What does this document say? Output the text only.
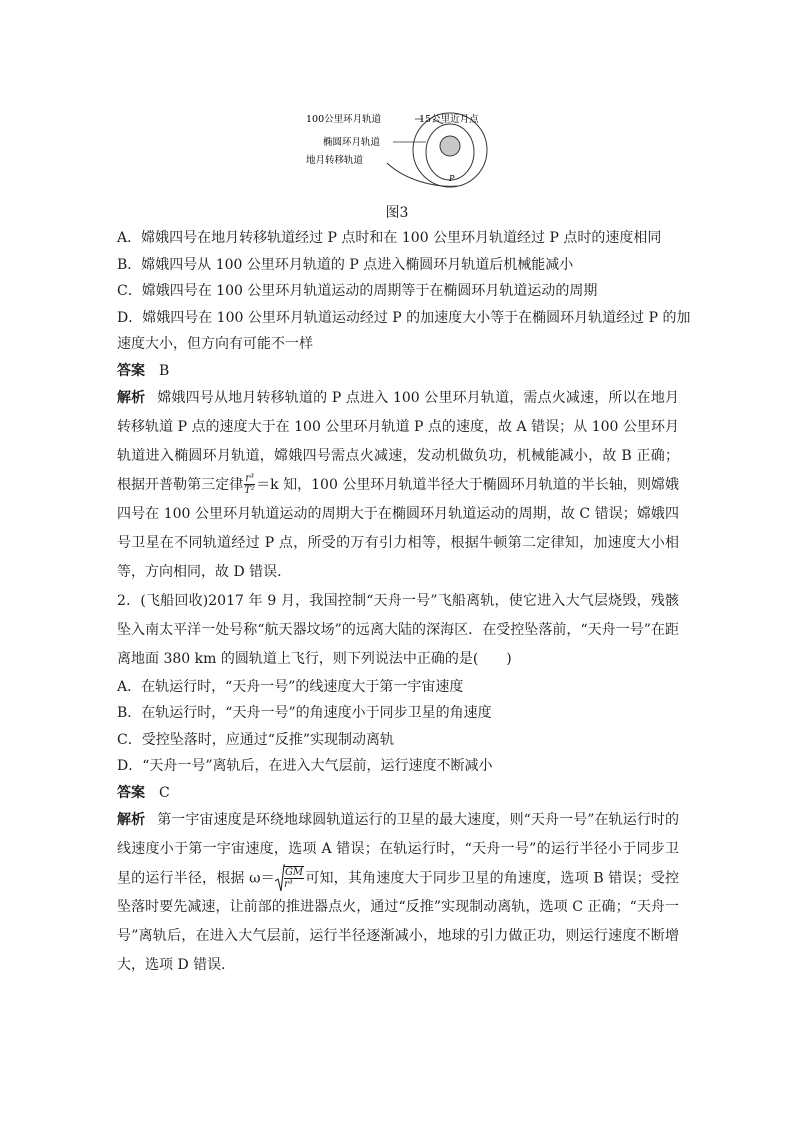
100公里环月轨道	15公里近月点
椭圆环月轨道
地月转移轨道
P
图3
A．嫦娥四号在地月转移轨道经过 P 点时和在 100 公里环月轨道经过 P 点时的速度相同
B．嫦娥四号从 100 公里环月轨道的 P 点进入椭圆环月轨道后机械能减小
C．嫦娥四号在 100 公里环月轨道运动的周期等于在椭圆环月轨道运动的周期
D．嫦娥四号在 100 公里环月轨道运动经过 P 的加速度大小等于在椭圆环月轨道经过 P 的加
速度大小，但方向有可能不一样
答案 B
解析 嫦娥四号从地月转移轨道的 P 点进入 100 公里环月轨道，需点火减速，所以在地月转移轨道 P 点的速度大于在 100 公里环月轨道 P 点的速度，故 A 错误；从 100 公里环月轨道进入椭圆环月轨道，嫦娥四号需点火减速，发动机做负功，机械能减小，故 B 正确；根据开普勒第三定律 $\frac{\text{r³}}{\text{T²}} =k$ 知，100 公里环月轨道半径大于椭圆环月轨道的半长轴，则嫦娥四号在 100 公里环月轨道运动的周期大于在椭圆环月轨道运动的周期，故 C 错误；嫦娥四号卫星在不同轨道经过 P 点，所受的万有引力相等，根据牛顿第二定律知，加速度大小相等，方向相同，故 D 错误．
2．(飞船回收)2017 年 9 月，我国控制“天舟一号”飞船离轨，使它进入大气层烧毁，残骸坠入南太平洋一处号称“航天器坟场”的远离大陆的深海区．在受控坠落前，“天舟一号”在距离地面 380 km 的圆轨道上飞行，则下列说法中正确的是(　　)
A．在轨运行时，“天舟一号”的线速度大于第一宇宙速度
B．在轨运行时，“天舟一号”的角速度小于同步卫星的角速度
C．受控坠落时，应通过“反推”实现制动离轨
D．“天舟一号”离轨后，在进入大气层前，运行速度不断减小
答案 C
解析 第一宇宙速度是环绕地球圆轨道运行的卫星的最大速度，则“天舟一号”在轨运行时的线速度小于第一宇宙速度，选项 A 错误；在轨运行时，“天舟一号”的运行半径小于同步卫星的运行半径，根据 $\omega= \frac{GM}{\text{r³}}$ 可知，其角速度大于同步卫星的角速度，选项 B 错误；受控坠落时要先减速，让前部的推进器点火，通过“反推”实现制动离轨，选项 C 正确；“天舟一号”离轨后，在进入大气层前，运行半径逐渐减小，地球的引力做正功，则运行速度不断增大，选项 D 错误．
